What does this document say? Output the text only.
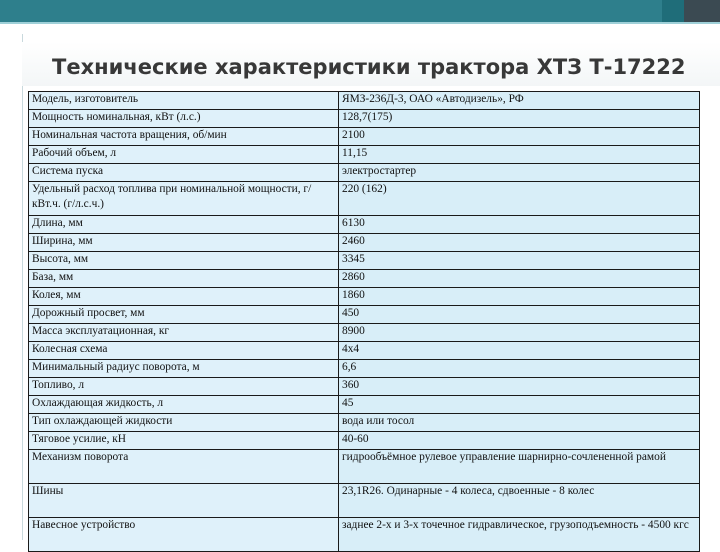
Технические характеристики трактора ХТЗ Т-17222
Модель, изготовитель	ЯМЗ-236Д-3, ОАО «Автодизель», РФ
Мощность номинальная, кВт (л.с.)	128,7(175)
Номинальная частота вращения, об/мин	2100
Рабочий объем, л	11,15
Система пуска	электростартер
Удельный расход топлива при номинальной мощности, г/кВт.ч. (г/л.с.ч.)	220 (162)
Длина, мм	6130
Ширина, мм	2460
Высота, мм	3345
База, мм	2860
Колея, мм	1860
Дорожный просвет, мм	450
Масса эксплуатационная, кг	8900
Колесная схема	4х4
Минимальный радиус поворота, м	6,6
Топливо, л	360
Охлаждающая жидкость, л	45
Тип охлаждающей жидкости	вода или тосол
Тяговое усилие, кН	40-60
Механизм поворота	гидрообъёмное рулевое управление шарнирно-сочлененной рамой
Шины	23,1R26. Одинарные - 4 колеса, сдвоенные - 8 колес
Навесное устройство	заднее 2-х и 3-х точечное гидравлическое, грузоподъемность - 4500 кгс
